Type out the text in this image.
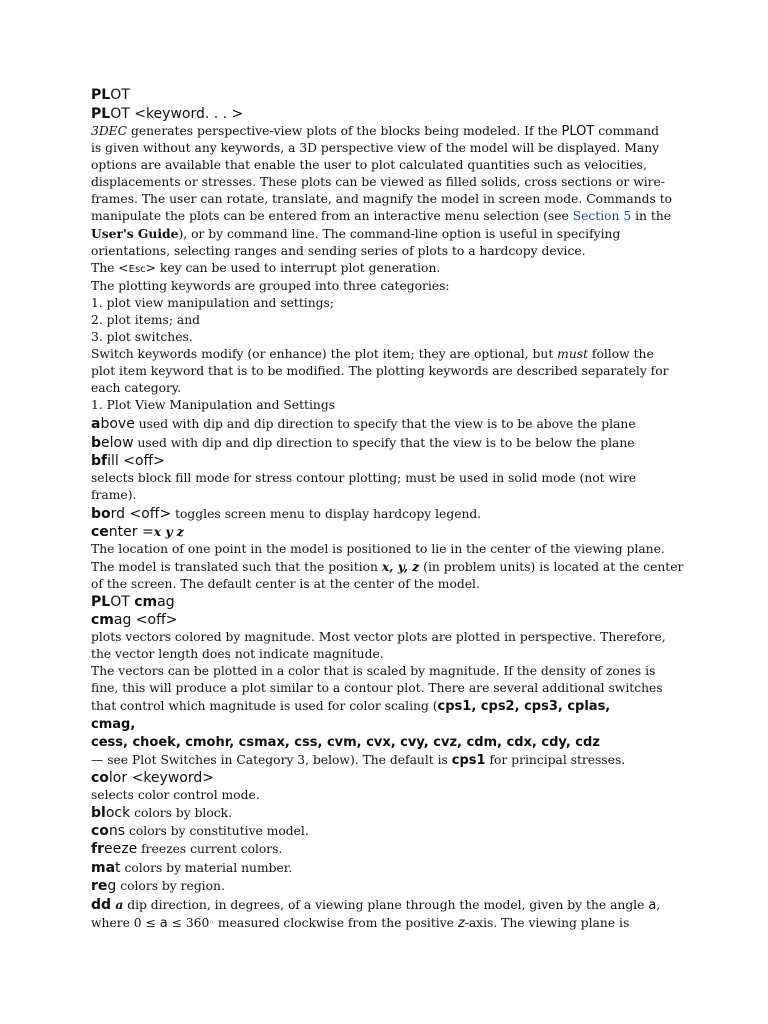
PLOT
PLOT <keyword. . . >
3DEC generates perspective-view plots of the blocks being modeled. If the PLOT command
is given without any keywords, a 3D perspective view of the model will be displayed. Many
options are available that enable the user to plot calculated quantities such as velocities,
displacements or stresses. These plots can be viewed as filled solids, cross sections or wire-
frames. The user can rotate, translate, and magnify the model in screen mode. Commands to
manipulate the plots can be entered from an interactive menu selection (see Section 5 in the
User's Guide), or by command line. The command-line option is useful in specifying
orientations, selecting ranges and sending series of plots to a hardcopy device.
The <Esc> key can be used to interrupt plot generation.
The plotting keywords are grouped into three categories:
1. plot view manipulation and settings;
2. plot items; and
3. plot switches.
Switch keywords modify (or enhance) the plot item; they are optional, but must follow the
plot item keyword that is to be modified. The plotting keywords are described separately for
each category.
1. Plot View Manipulation and Settings
above used with dip and dip direction to specify that the view is to be above the plane
below used with dip and dip direction to specify that the view is to be below the plane
bfill <off>
selects block fill mode for stress contour plotting; must be used in solid mode (not wire
frame).
bord <off> toggles screen menu to display hardcopy legend.
center =x y z
The location of one point in the model is positioned to lie in the center of the viewing plane.
The model is translated such that the position x, y, z (in problem units) is located at the center
of the screen. The default center is at the center of the model.
PLOT cmag
cmag <off>
plots vectors colored by magnitude. Most vector plots are plotted in perspective. Therefore,
the vector length does not indicate magnitude.
The vectors can be plotted in a color that is scaled by magnitude. If the density of zones is
fine, this will produce a plot similar to a contour plot. There are several additional switches
that control which magnitude is used for color scaling (cps1, cps2, cps3, cplas,
cmag,
cess, choek, cmohr, csmax, css, cvm, cvx, cvy, cvz, cdm, cdx, cdy, cdz
— see Plot Switches in Category 3, below). The default is cps1 for principal stresses.
color <keyword>
selects color control mode.
block colors by block.
cons colors by constitutive model.
freeze freezes current colors.
mat colors by material number.
reg colors by region.
dd a dip direction, in degrees, of a viewing plane through the model, given by the angle a,
where 0 ≤ a ≤ 360◦ measured clockwise from the positive z-axis. The viewing plane is
